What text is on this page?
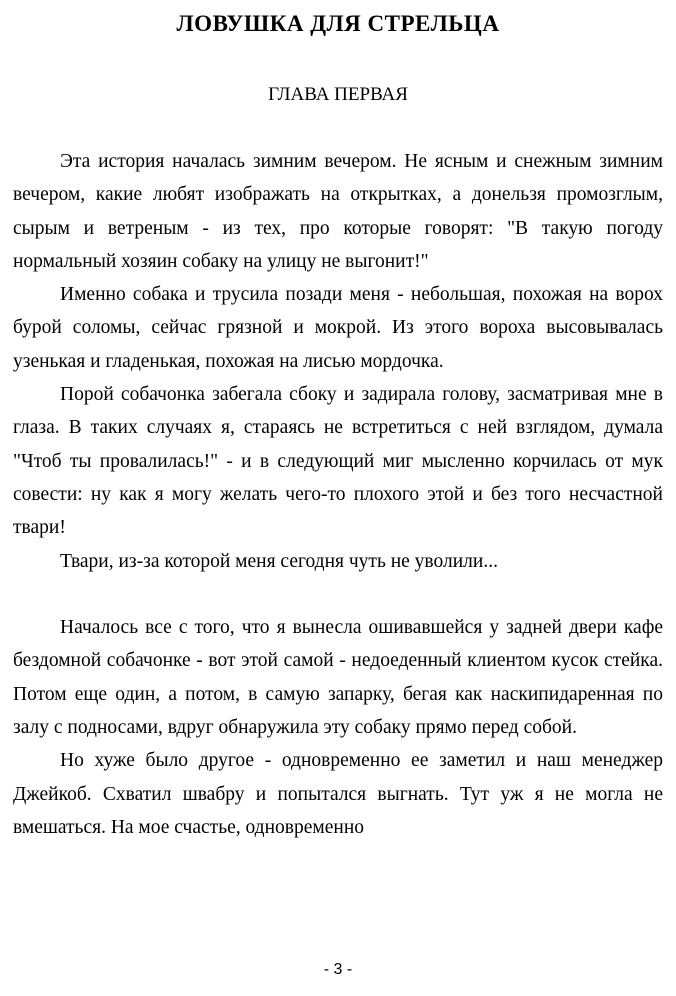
ЛОВУШКА ДЛЯ СТРЕЛЬЦА
ГЛАВА ПЕРВАЯ

Эта история началась зимним вечером. Не ясным и снежным зимним вечером, какие любят изображать на открытках, а донельзя промозглым, сырым и ветреным - из тех, про которые говорят: "В такую погоду нормальный хозяин собаку на улицу не выгонит!"

Именно собака и трусила позади меня - небольшая, похожая на ворох бурой соломы, сейчас грязной и мокрой. Из этого вороха высовывалась узенькая и гладенькая, похожая на лисью мордочка.

Порой собачонка забегала сбоку и задирала голову, засматривая мне в глаза. В таких случаях я, стараясь не встретиться с ней взглядом, думала "Чтоб ты провалилась!" - и в следующий миг мысленно корчилась от мук совести: ну как я могу желать чего-то плохого этой и без того несчастной твари!

Твари, из-за которой меня сегодня чуть не уволили...

Началось все с того, что я вынесла ошивавшейся у задней двери кафе бездомной собачонке - вот этой самой - недоеденный клиентом кусок стейка. Потом еще один, а потом, в самую запарку, бегая как наскипидаренная по залу с подносами, вдруг обнаружила эту собаку прямо перед собой.

Но хуже было другое - одновременно ее заметил и наш менеджер Джейкоб. Схватил швабру и попытался выгнать. Тут уж я не могла не вмешаться. На мое счастье, одновременно

- 3 -
